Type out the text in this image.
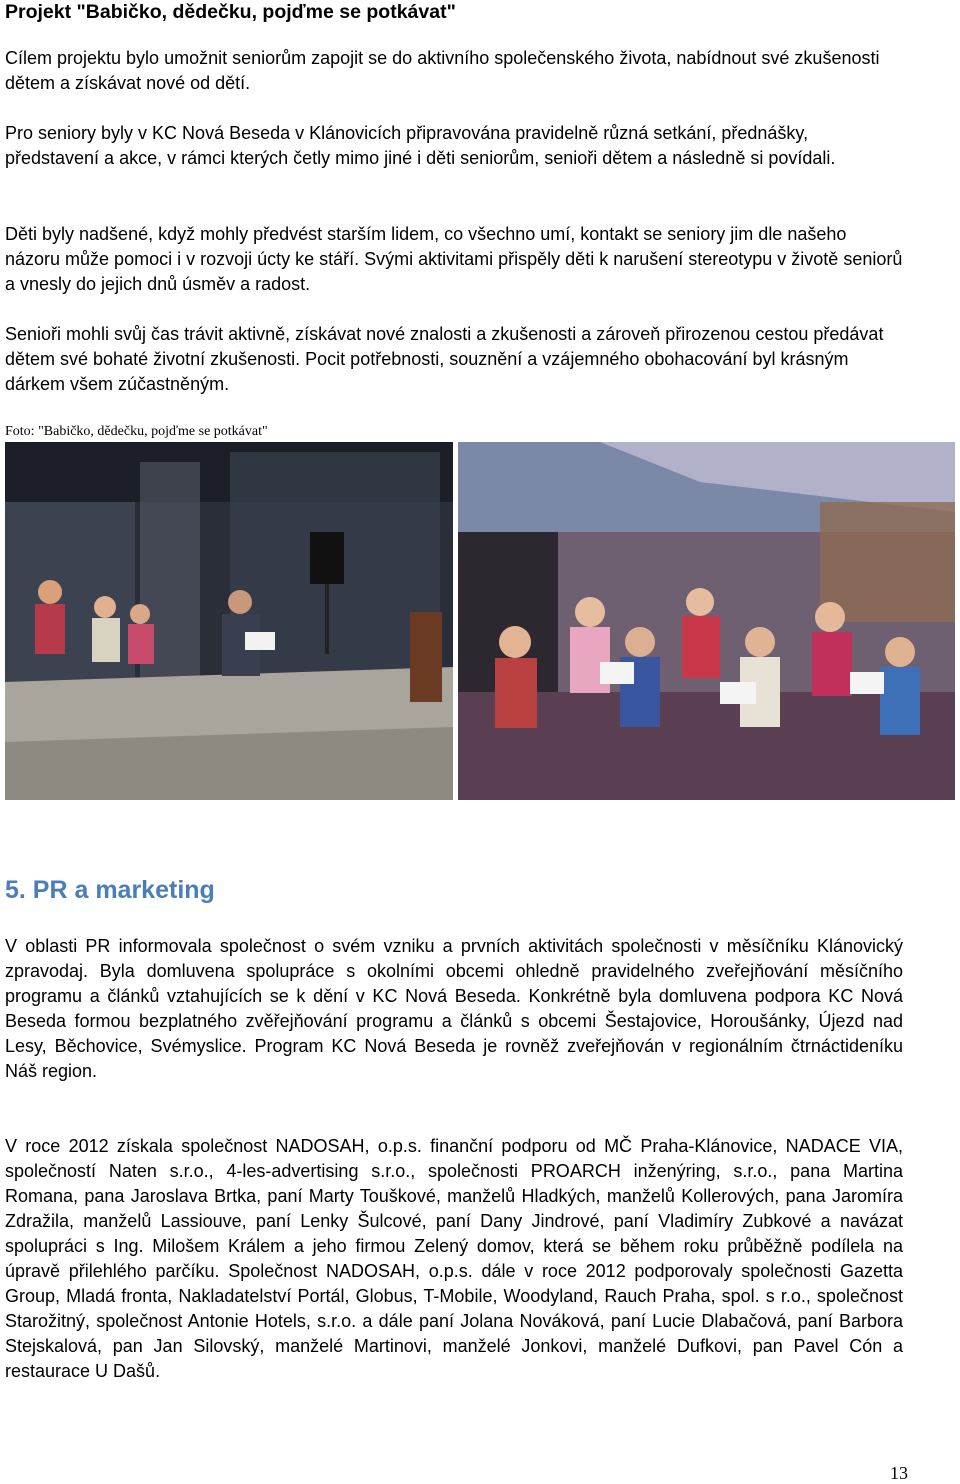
Projekt "Babičko, dědečku, pojďme se potkávat"

Cílem projektu bylo umožnit seniorům zapojit se do aktivního společenského života, nabídnout své zkušenosti dětem a získávat nové od dětí.

Pro seniory byly v KC Nová Beseda v Klánovicích připravována pravidelně různá setkání, přednášky, představení a akce, v rámci kterých četly mimo jiné i děti seniorům, senioři dětem a následně si povídali.

Děti byly nadšené, když mohly předvést starším lidem, co všechno umí, kontakt se seniory jim dle našeho názoru může pomoci i v rozvoji úcty ke stáří. Svými aktivitami přispěly děti k narušení stereotypu v životě seniorů a vnesly do jejich dnů úsměv a radost.

Senioři mohli svůj čas trávit aktivně, získávat nové znalosti a zkušenosti a zároveň přirozenou cestou předávat dětem své bohaté životní zkušenosti. Pocit potřebnosti, souznění a vzájemného obohacování byl krásným dárkem všem zúčastněným.

Foto: "Babičko, dědečku, pojďme se potkávat"
5. PR a marketing

V oblasti PR informovala společnost o svém vzniku a prvních aktivitách společnosti v měsíčníku Klánovický zpravodaj. Byla domluvena spolupráce s okolními obcemi ohledně pravidelného zveřejňování měsíčního programu a článků vztahujících se k dění v KC Nová Beseda. Konkrétně byla domluvena podpora KC Nová Beseda formou bezplatného zvěřejňování programu a článků s obcemi Šestajovice, Horoušánky, Újezd nad Lesy, Běchovice, Svémyslice. Program KC Nová Beseda je rovněž zveřejňován v regionálním čtrnáctideníku Náš region.

V roce 2012 získala společnost NADOSAH, o.p.s. finanční podporu od MČ Praha-Klánovice, NADACE VIA, společností Naten s.r.o., 4-les-advertising s.r.o., společnosti PROARCH inženýring, s.r.o., pana Martina Romana, pana Jaroslava Brtka, paní Marty Touškové, manželů Hladkých, manželů Kollerových, pana Jaromíra Zdražila, manželů Lassiouve, paní Lenky Šulcové, paní Dany Jindrové, paní Vladimíry Zubkové a navázat spolupráci s Ing. Milošem Králem a jeho firmou Zelený domov, která se během roku průběžně podílela na úpravě přilehlého parčíku. Společnost NADOSAH, o.p.s. dále v roce 2012 podporovaly společnosti Gazetta Group, Mladá fronta, Nakladatelství Portál, Globus, T-Mobile, Woodyland, Rauch Praha, spol. s r.o., společnost Starožitný, společnost Antonie Hotels, s.r.o. a dále paní Jolana Nováková, paní Lucie Dlabačová, paní Barbora Stejskalová, pan Jan Silovský, manželé Martinovi, manželé Jonkovi, manželé Dufkovi, pan Pavel Cón a restaurace U Dašů.

13
